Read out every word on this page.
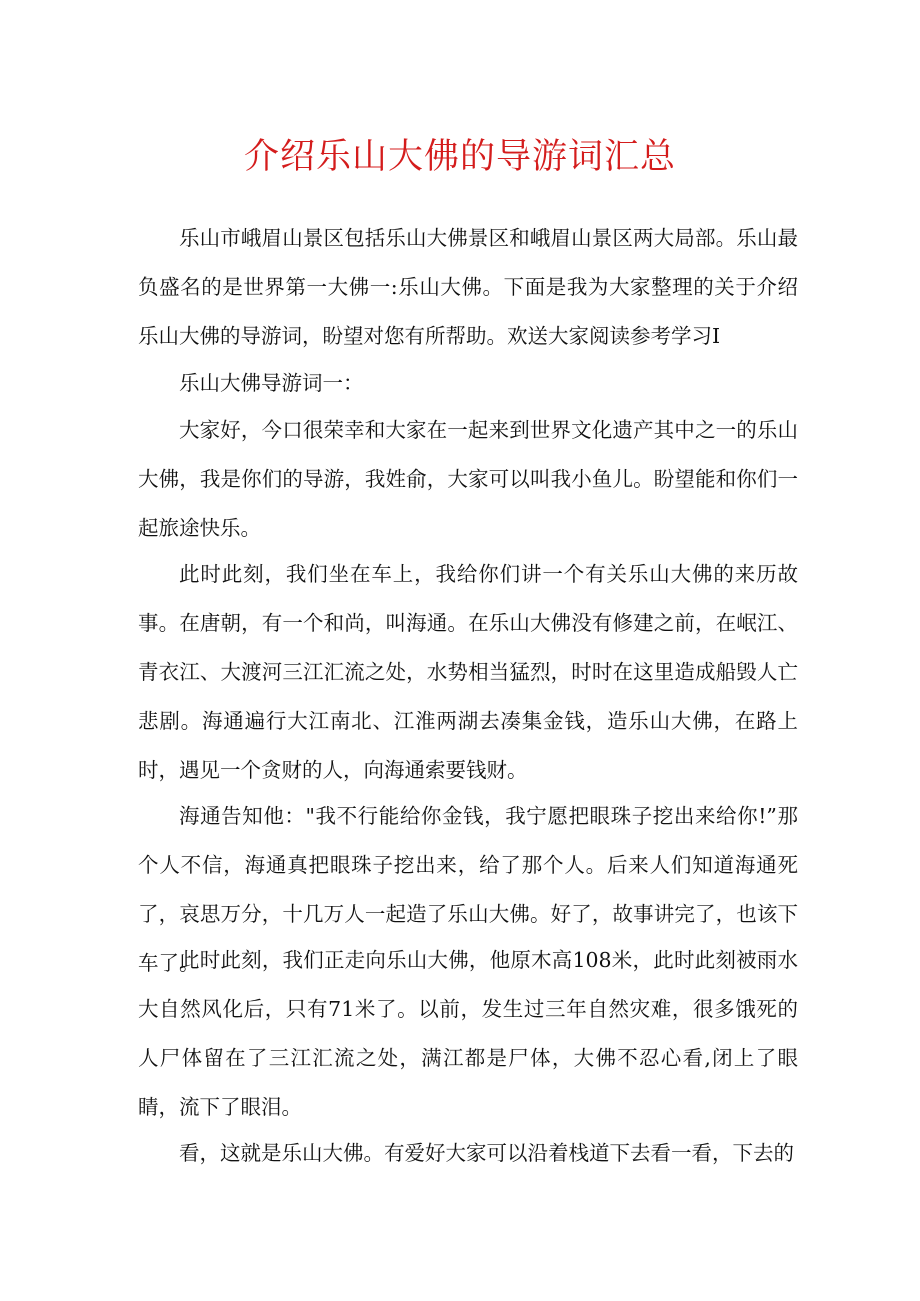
介绍乐山大佛的导游词汇总

乐山市峨眉山景区包括乐山大佛景区和峨眉山景区两大局部。乐山最负盛名的是世界第一大佛一:乐山大佛。下面是我为大家整理的关于介绍乐山大佛的导游词，盼望对您有所帮助。欢送大家阅读参考学习I

乐山大佛导游词一：

大家好，今口很荣幸和大家在一起来到世界文化遗产其中之一的乐山大佛，我是你们的导游，我姓俞，大家可以叫我小鱼儿。盼望能和你们一起旅途快乐。

此时此刻，我们坐在车上，我给你们讲一个有关乐山大佛的来历故事。在唐朝，有一个和尚，叫海通。在乐山大佛没有修建之前，在岷江、青衣江、大渡河三江汇流之处，水势相当猛烈，时时在这里造成船毁人亡悲剧。海通遍行大江南北、江淮两湖去凑集金钱，造乐山大佛，在路上时，遇见一个贪财的人，向海通索要钱财。

海通告知他："我不行能给你金钱，我宁愿把眼珠子挖出来给你!”那个人不信，海通真把眼珠子挖出来，给了那个人。后来人们知道海通死了，哀思万分，十几万人一起造了乐山大佛。好了，故事讲完了，也该下车了。

此时此刻，我们正走向乐山大佛，他原木高108米，此时此刻被雨水大自然风化后，只有71米了。以前，发生过三年自然灾难，很多饿死的人尸体留在了三江汇流之处，满江都是尸体，大佛不忍心看,闭上了眼睛，流下了眼泪。

看，这就是乐山大佛。有爱好大家可以沿着栈道下去看一看，下去的
